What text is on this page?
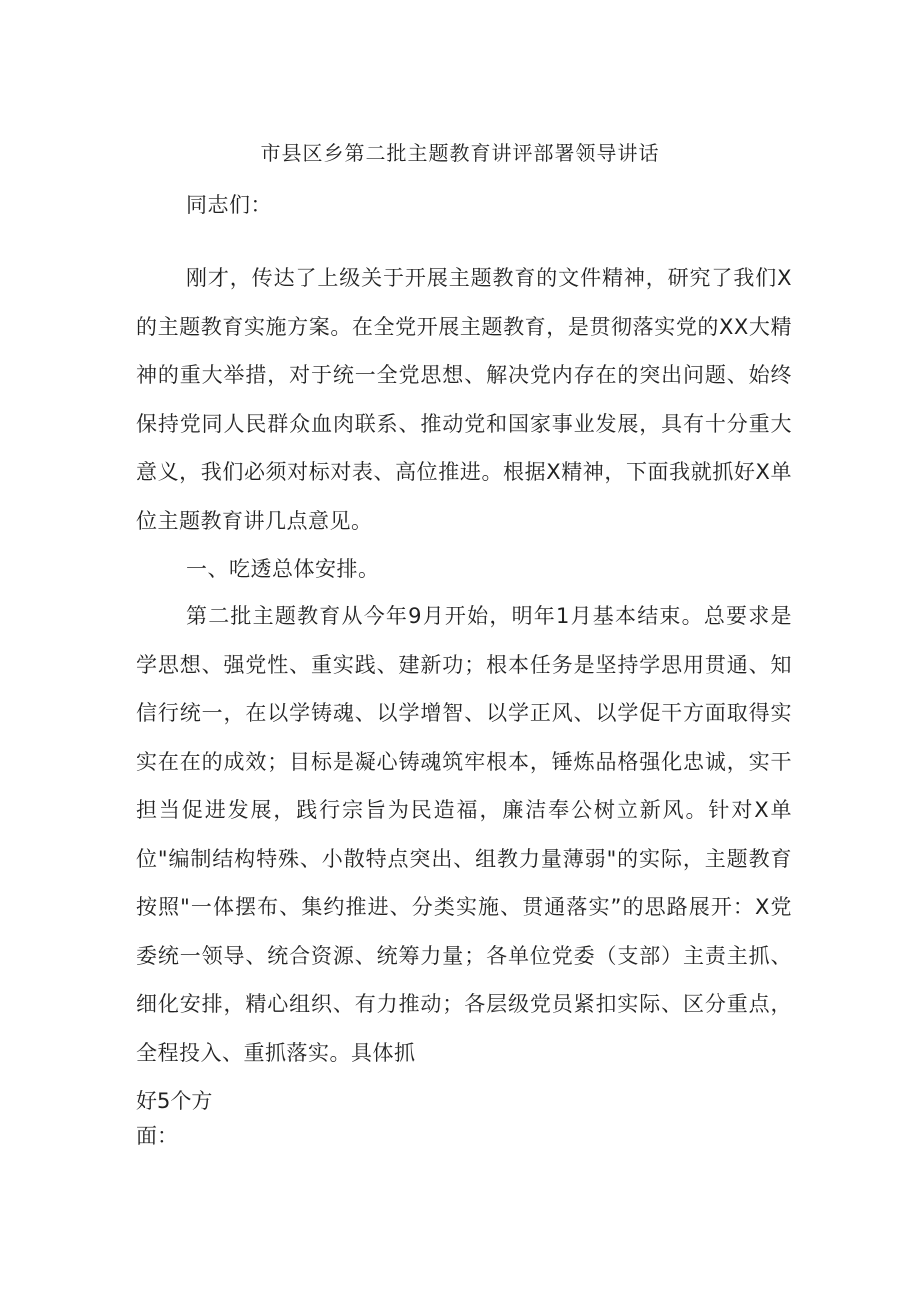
市县区乡第二批主题教育讲评部署领导讲话
同志们：
刚才，传达了上级关于开展主题教育的文件精神，研究了我们X的主题教育实施方案。在全党开展主题教育，是贯彻落实党的XX大精神的重大举措，对于统一全党思想、解决党内存在的突出问题、始终保持党同人民群众血肉联系、推动党和国家事业发展，具有十分重大意义，我们必须对标对表、高位推进。根据X精神，下面我就抓好X单位主题教育讲几点意见。
一、吃透总体安排。
第二批主题教育从今年9月开始，明年1月基本结束。总要求是学思想、强党性、重实践、建新功；根本任务是坚持学思用贯通、知信行统一，在以学铸魂、以学增智、以学正风、以学促干方面取得实实在在的成效；目标是凝心铸魂筑牢根本，锤炼品格强化忠诚，实干担当促进发展，践行宗旨为民造福，廉洁奉公树立新风。针对X单位"编制结构特殊、小散特点突出、组教力量薄弱"的实际，主题教育按照"一体摆布、集约推进、分类实施、贯通落实”的思路展开：X党委统一领导、统合资源、统筹力量；各单位党委（支部）主责主抓、细化安排，精心组织、有力推动；各层级党员紧扣实际、区分重点，全程投入、重抓落实。具体抓
好5个方
面：
